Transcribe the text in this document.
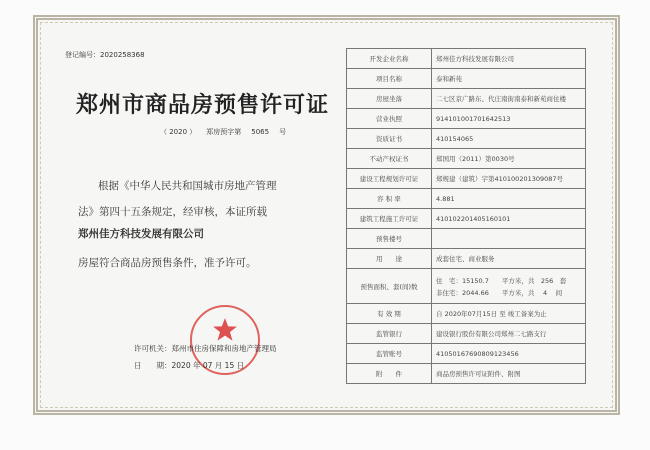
登记编号：2020258368
郑州市商品房预售许可证
（ 2020 ） 郑房预字第 5065 号
根据《中华人民共和国城市房地产管理
法》第四十五条规定，经审核，本证所载
郑州佳方科技发展有限公司
房屋符合商品房预售条件，准予许可。
许可机关：郑州市住房保障和房地产管理局
日　　期：2020 年 07 月 15 日
开发企业名称	郑州佳方科技发展有限公司
项目名称	泰和新苑
房屋坐落	二七区京广路东、代庄南街南泰和新苑商住楼
营业执照	91410100170164251З
资质证书	410154065
不动产权证书	郑国用（2011）第0030号
建设工程规划许可证	郑规建（建筑）字第410100201309087号
容 积 率	4.881
建筑工程施工许可证	410102201405160101
预售楼号	
用　　途	成套住宅、商业服务
预售面积、套(间)数	住　宅：15150.7　　平方米，共　256　套
非住宅：2044.66　　平方米，共　 4 　间

有 效 期	自 2020年07月15日 至 竣工备案为止
监管银行	建设银行股份有限公司郑州二七路支行
监管账号	41050167690809123456
附　　件	商品房预售许可证附件、附图
